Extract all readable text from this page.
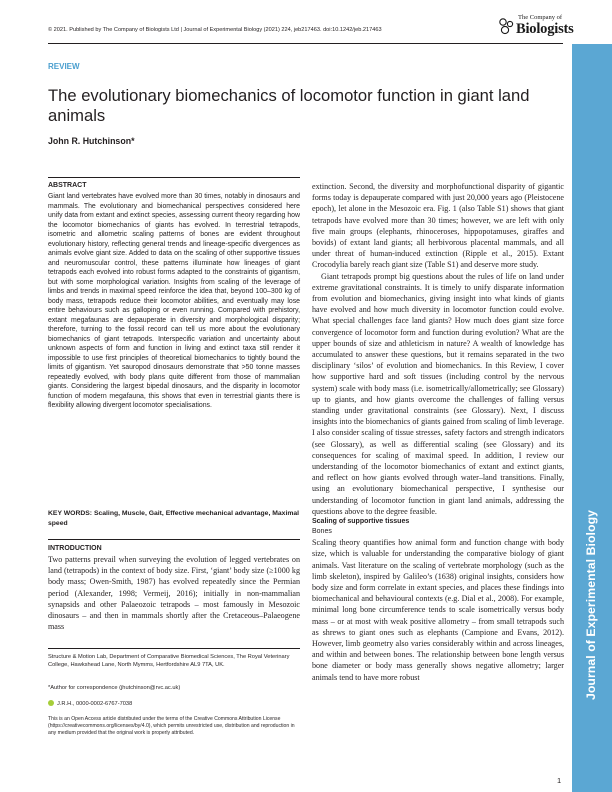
© 2021. Published by The Company of Biologists Ltd | Journal of Experimental Biology (2021) 224, jeb217463. doi:10.1242/jeb.217463
The Company of
Biologists
Journal of Experimental Biology
REVIEW
The evolutionary biomechanics of locomotor function in giant land animals
John R. Hutchinson*
ABSTRACT
Giant land vertebrates have evolved more than 30 times, notably in dinosaurs and mammals. The evolutionary and biomechanical perspectives considered here unify data from extant and extinct species, assessing current theory regarding how the locomotor biomechanics of giants has evolved. In terrestrial tetrapods, isometric and allometric scaling patterns of bones are evident throughout evolutionary history, reflecting general trends and lineage-specific divergences as animals evolve giant size. Added to data on the scaling of other supportive tissues and neuromuscular control, these patterns illuminate how lineages of giant tetrapods each evolved into robust forms adapted to the constraints of gigantism, but with some morphological variation. Insights from scaling of the leverage of limbs and trends in maximal speed reinforce the idea that, beyond 100–300 kg of body mass, tetrapods reduce their locomotor abilities, and eventually may lose entire behaviours such as galloping or even running. Compared with prehistory, extant megafaunas are depauperate in diversity and morphological disparity; therefore, turning to the fossil record can tell us more about the evolutionary biomechanics of giant tetrapods. Interspecific variation and uncertainty about unknown aspects of form and function in living and extinct taxa still render it impossible to use first principles of theoretical biomechanics to tightly bound the limits of gigantism. Yet sauropod dinosaurs demonstrate that >50 tonne masses repeatedly evolved, with body plans quite different from those of mammalian giants. Considering the largest bipedal dinosaurs, and the disparity in locomotor function of modern megafauna, this shows that even in terrestrial giants there is flexibility allowing divergent locomotor specialisations.
KEY WORDS: Scaling, Muscle, Gait, Effective mechanical advantage, Maximal speed
INTRODUCTION
Two patterns prevail when surveying the evolution of legged vertebrates on land (tetrapods) in the context of body size. First, ‘giant’ body size (≥1000 kg body mass; Owen-Smith, 1987) has evolved repeatedly since the Permian period (Alexander, 1998; Vermeij, 2016); initially in non-mammalian synapsids and other Palaeozoic tetrapods – most famously in Mesozoic dinosaurs – and then in mammals shortly after the Cretaceous–Palaeogene mass
Structure & Motion Lab, Department of Comparative Biomedical Sciences, The Royal Veterinary College, Hawkshead Lane, North Mymms, Hertfordshire AL9 7TA, UK.
*Author for correspondence (jhutchinson@rvc.ac.uk)
J.R.H., 0000-0002-6767-7038
This is an Open Access article distributed under the terms of the Creative Commons Attribution License (https://creativecommons.org/licenses/by/4.0), which permits unrestricted use, distribution and reproduction in any medium provided that the original work is properly attributed.

extinction. Second, the diversity and morphofunctional disparity of gigantic forms today is depauperate compared with just 20,000 years ago (Pleistocene epoch), let alone in the Mesozoic era. Fig. 1 (also Table S1) shows that giant tetrapods have evolved more than 30 times; however, we are left with only five main groups (elephants, rhinoceroses, hippopotamuses, giraffes and bovids) of extant land giants; all herbivorous placental mammals, and all under threat of human-induced extinction (Ripple et al., 2015). Extant Crocodylia barely reach giant size (Table S1) and deserve more study.

Giant tetrapods prompt big questions about the rules of life on land under extreme gravitational constraints. It is timely to unify disparate information from evolution and biomechanics, giving insight into what kinds of giants have evolved and how much diversity in locomotor function could evolve. What special challenges face land giants? How much does giant size force convergence of locomotor form and function during evolution? What are the upper bounds of size and athleticism in nature? A wealth of knowledge has accumulated to answer these questions, but it remains separated in the two disciplinary ‘silos’ of evolution and biomechanics. In this Review, I cover how supportive hard and soft tissues (including control by the nervous system) scale with body mass (i.e. isometrically/allometrically; see Glossary) up to giants, and how giants overcome the challenges of falling versus standing under gravitational constraints (see Glossary). Next, I discuss insights into the biomechanics of giants gained from scaling of limb leverage. I also consider scaling of tissue stresses, safety factors and strength indicators (see Glossary), as well as differential scaling (see Glossary) and its consequences for scaling of maximal speed. In addition, I review our understanding of the locomotor biomechanics of extant and extinct giants, and reflect on how giants evolved through water–land transitions. Finally, using an evolutionary biomechanical perspective, I synthesise our understanding of locomotor function in giant land animals, addressing the questions above to the degree feasible.

Scaling of supportive tissues

Bones

Scaling theory quantifies how animal form and function change with body size, which is valuable for understanding the comparative biology of giant animals. Vast literature on the scaling of vertebrate morphology (such as the limb skeleton), inspired by Galileo’s (1638) original insights, considers how body size and form correlate in extant species, and places these findings into biomechanical and behavioural contexts (e.g. Dial et al., 2008). For example, minimal long bone circumference tends to scale isometrically versus body mass – or at most with weak positive allometry – from small tetrapods such as shrews to giant ones such as elephants (Campione and Evans, 2012). However, limb geometry also varies considerably within and across lineages, and within and between bones. The relationship between bone length versus bone diameter or body mass generally shows negative allometry; larger animals tend to have more robust

1
